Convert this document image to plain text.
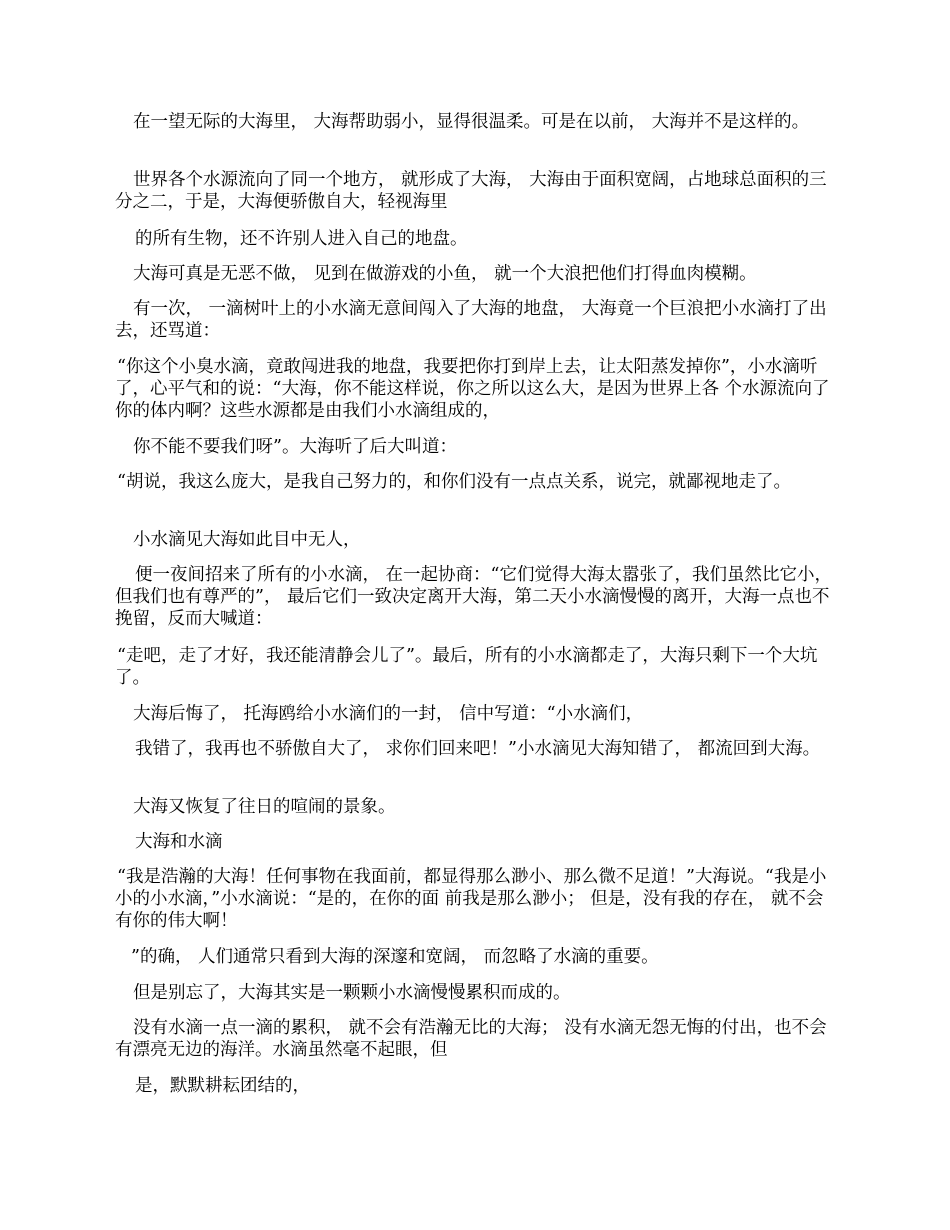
在一望无际的大海里， 大海帮助弱小，显得很温柔。可是在以前， 大海并不是这样的。

世界各个水源流向了同一个地方， 就形成了大海， 大海由于面积宽阔，占地球总面积的三分之二，于是，大海便骄傲自大，轻视海里

的所有生物，还不许别人进入自己的地盘。

大海可真是无恶不做， 见到在做游戏的小鱼， 就一个大浪把他们打得血肉模糊。

有一次， 一滴树叶上的小水滴无意间闯入了大海的地盘， 大海竟一个巨浪把小水滴打了出去，还骂道：

“你这个小臭水滴，竟敢闯进我的地盘，我要把你打到岸上去，让太阳蒸发掉你”，小水滴听了，心平气和的说：“大海，你不能这样说，你之所以这么大，是因为世界上各 个水源流向了你的体内啊？这些水源都是由我们小水滴组成的，

你不能不要我们呀”。大海听了后大叫道：

“胡说，我这么庞大，是我自己努力的，和你们没有一点点关系，说完，就鄙视地走了。

小水滴见大海如此目中无人，

便一夜间招来了所有的小水滴， 在一起协商：“它们觉得大海太嚣张了，我们虽然比它小，但我们也有尊严的”， 最后它们一致决定离开大海，第二天小水滴慢慢的离开，大海一点也不挽留，反而大喊道：

“走吧，走了才好，我还能清静会儿了”。最后，所有的小水滴都走了，大海只剩下一个大坑了。

大海后悔了， 托海鸥给小水滴们的一封， 信中写道：“小水滴们，

我错了，我再也不骄傲自大了， 求你们回来吧！”小水滴见大海知错了， 都流回到大海。

大海又恢复了往日的喧闹的景象。

大海和水滴

“我是浩瀚的大海！任何事物在我面前，都显得那么渺小、那么微不足道！”大海说。“我是小小的小水滴，”小水滴说：“是的，在你的面 前我是那么渺小； 但是，没有我的存在， 就不会有你的伟大啊！

”的确， 人们通常只看到大海的深邃和宽阔， 而忽略了水滴的重要。

但是别忘了，大海其实是一颗颗小水滴慢慢累积而成的。

没有水滴一点一滴的累积， 就不会有浩瀚无比的大海； 没有水滴无怨无悔的付出，也不会有漂亮无边的海洋。水滴虽然毫不起眼，但

是，默默耕耘团结的，
